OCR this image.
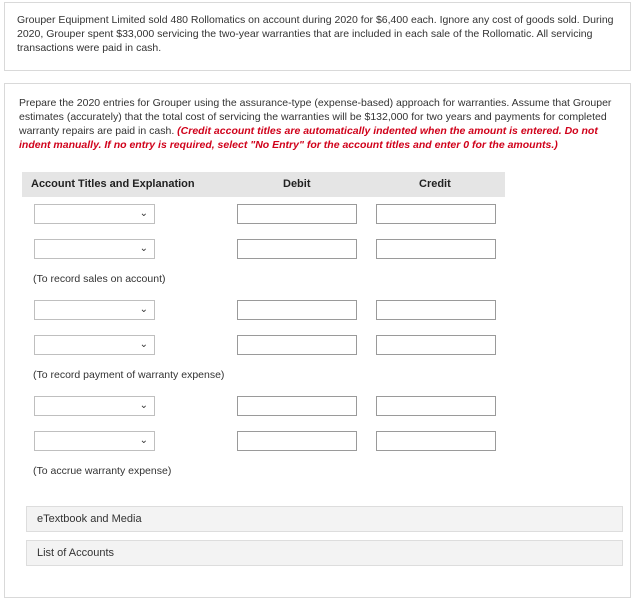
Grouper Equipment Limited sold 480 Rollomatics on account during 2020 for $6,400 each. Ignore any cost of goods sold. During 2020, Grouper spent $33,000 servicing the two-year warranties that are included in each sale of the Rollomatic. All servicing transactions were paid in cash.

Prepare the 2020 entries for Grouper using the assurance-type (expense-based) approach for warranties. Assume that Grouper estimates (accurately) that the total cost of servicing the warranties will be $132,000 for two years and payments for completed warranty repairs are paid in cash. (Credit account titles are automatically indented when the amount is entered. Do not indent manually. If no entry is required, select "No Entry" for the account titles and enter 0 for the amounts.)

Account Titles and Explanation	Debit	Credit
⌄
⌄
(To record sales on account)
⌄
⌄
(To record payment of warranty expense)
⌄
⌄
(To accrue warranty expense)
eTextbook and Media
List of Accounts
